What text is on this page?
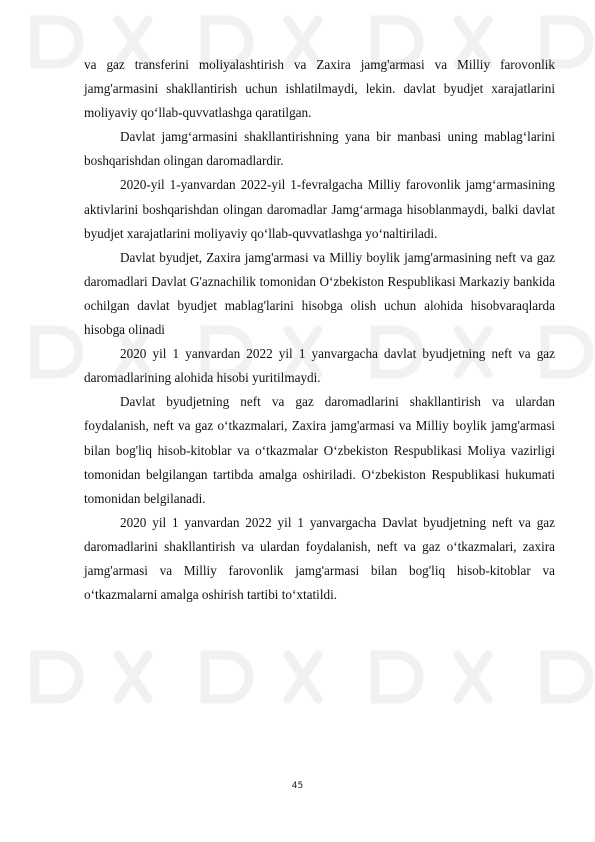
va gaz transferini moliyalashtirish va Zaxira jamg'armasi va Milliy farovonlik jamg'armasini shakllantirish uchun ishlatilmaydi, lekin. davlat byudjet xarajatlarini moliyaviy qo‘llab-quvvatlashga qaratilgan.

Davlat jamg‘armasini shakllantirishning yana bir manbasi uning mablag‘larini boshqarishdan olingan daromadlardir.

2020-yil 1-yanvardan 2022-yil 1-fevralgacha Milliy farovonlik jamg‘armasining aktivlarini boshqarishdan olingan daromadlar Jamg‘armaga hisoblanmaydi, balki davlat byudjet xarajatlarini moliyaviy qo‘llab-quvvatlashga yo‘naltiriladi.

Davlat byudjet, Zaxira jamg'armasi va Milliy boylik jamg'armasining neft va gaz daromadlari Davlat G'aznachilik tomonidan O‘zbekiston Respublikasi Markaziy bankida ochilgan davlat byudjet mablag'larini hisobga olish uchun alohida hisobvaraqlarda hisobga olinadi

2020 yil 1 yanvardan 2022 yil 1 yanvargacha davlat byudjetning neft va gaz daromadlarining alohida hisobi yuritilmaydi.

Davlat byudjetning neft va gaz daromadlarini shakllantirish va ulardan foydalanish, neft va gaz o‘tkazmalari, Zaxira jamg'armasi va Milliy boylik jamg'armasi bilan bog'liq hisob-kitoblar va o‘tkazmalar O‘zbekiston Respublikasi Moliya vazirligi tomonidan belgilangan tartibda amalga oshiriladi. O‘zbekiston Respublikasi hukumati tomonidan belgilanadi.

2020 yil 1 yanvardan 2022 yil 1 yanvargacha Davlat byudjetning neft va gaz daromadlarini shakllantirish va ulardan foydalanish, neft va gaz o‘tkazmalari, zaxira jamg'armasi va Milliy farovonlik jamg'armasi bilan bog'liq hisob-kitoblar va o‘tkazmalarni amalga oshirish tartibi to‘xtatildi.

45
